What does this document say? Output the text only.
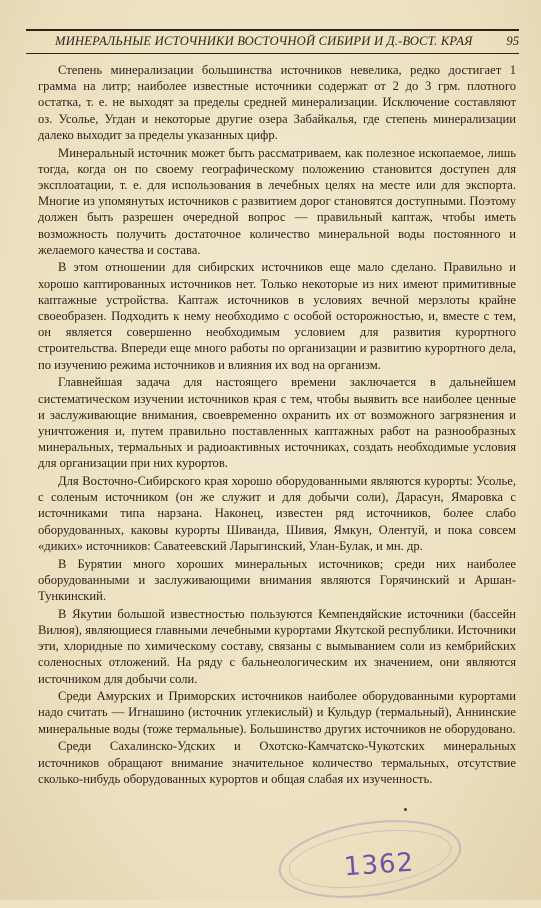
МИНЕРАЛЬНЫЕ ИСТОЧНИКИ ВОСТОЧНОЙ СИБИРИ И Д.-ВОСТ. КРАЯ	95

Степень минерализации большинства источников невелика, редко достигает 1 грамма на литр; наиболее известные источники содержат от 2 до 3 грм. плотного остатка, т. е. не выходят за пределы средней минерализации. Исключение составляют оз. Усолье, Угдан и некоторые другие озера Забайкалья, где степень минерализации далеко выходит за пределы указанных цифр.

Минеральный источник может быть рассматриваем, как полезное ископаемое, лишь тогда, когда он по своему географическому положению становится доступен для эксплоатации, т. е. для использования в лечебных целях на месте или для экспорта. Многие из упомянутых источников с развитием дорог становятся доступными. Поэтому должен быть разрешен очередной вопрос — правильный каптаж, чтобы иметь возможность получить достаточное количество минеральной воды постоянного и желаемого качества и состава.

В этом отношении для сибирских источников еще мало сделано. Правильно и хорошо каптированных источников нет. Только некоторые из них имеют примитивные каптажные устройства. Каптаж источников в условиях вечной мерзлоты крайне своеобразен. Подходить к нему необходимо с особой осторожностью, и, вместе с тем, он является совершенно необходимым условием для развития курортного строительства. Впереди еще много работы по организации и развитию курортного дела, по изучению режима источников и влияния их вод на организм.

Главнейшая задача для настоящего времени заключается в дальнейшем систематическом изучении источников края с тем, чтобы выявить все наиболее ценные и заслуживающие внимания, своевременно охранить их от возможного загрязнения и уничтожения и, путем правильно поставленных каптажных работ на разнообразных минеральных, термальных и радиоактивных источниках, создать необходимые условия для организации при них курортов.

Для Восточно-Сибирского края хорошо оборудованными являются курорты: Усолье, с соленым источником (он же служит и для добычи соли), Дарасун, Ямаровка с источниками типа нарзана. Наконец, известен ряд источников, более слабо оборудованных, каковы курорты Шиванда, Шивия, Ямкун, Олентуй, и пока совсем «диких» источников: Саватеевский Ларыгинский, Улан-Булак, и мн. др.

В Бурятии много хороших минеральных источников; среди них наиболее оборудованными и заслуживающими внимания являются Горячинский и Аршан-Тункинский.

В Якутии большой известностью пользуются Кемпендяйские источники (бассейн Вилюя), являющиеся главными лечебными курортами Якутской республики. Источники эти, хлоридные по химическому составу, связаны с вымыванием соли из кембрийских соленосных отложений. На ряду с бальнеологическим их значением, они являются источником для добычи соли.

Среди Амурских и Приморских источников наиболее оборудованными курортами надо считать — Игнашино (источник углекислый) и Кульдур (термальный), Аннинские минеральные воды (тоже термальные). Большинство других источников не оборудовано.

Среди Сахалинско-Удских и Охотско-Камчатско-Чукотских минеральных источников обращают внимание значительное количество термальных, отсутствие сколько-нибудь оборудованных курортов и общая слабая их изученность.

1362
